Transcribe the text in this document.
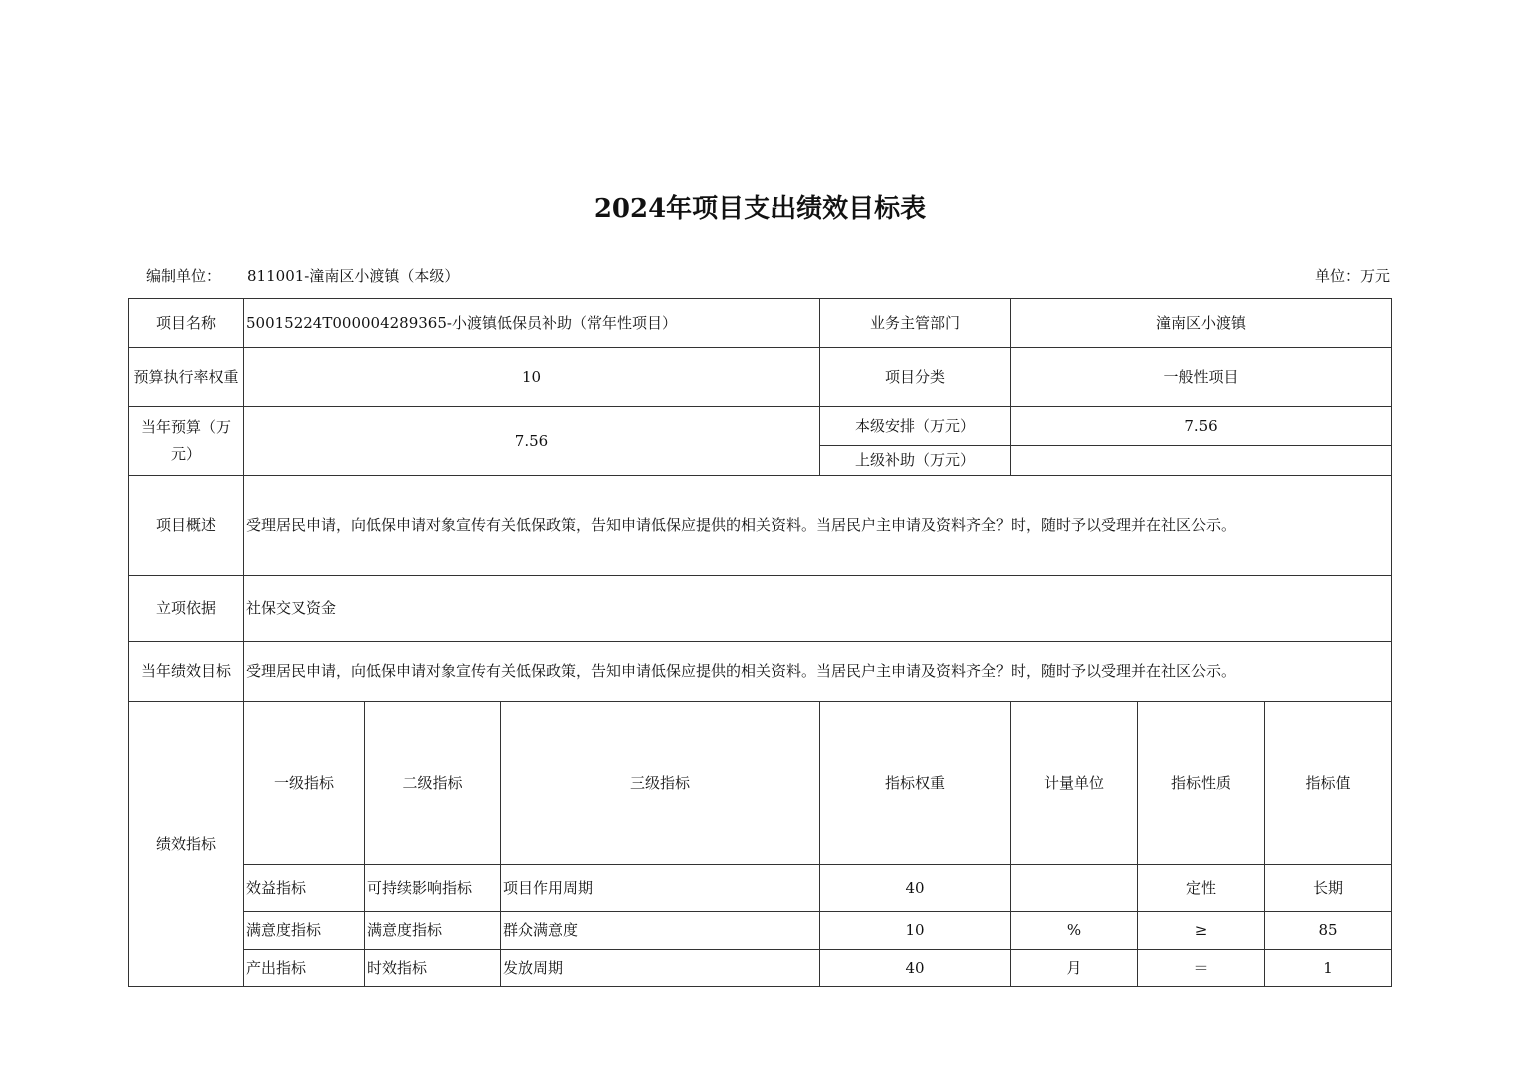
2024年项目支出绩效目标表
编制单位： 811001-潼南区小渡镇（本级）	单位：万元
项目名称	50015224T000004289365-小渡镇低保员补助（常年性项目）			业务主管部门	潼南区小渡镇			
预算执行率权重	10			项目分类	一般性项目			
当年预算（万元）	7.56			本级安排（万元）	7.56			
				上级补助（万元）				
项目概述	受理居民申请，向低保申请对象宣传有关低保政策，告知申请低保应提供的相关资料。当居民户主申请及资料齐全？时，随时予以受理并在社区公示。							
立项依据	社保交叉资金							
当年绩效目标	受理居民申请，向低保申请对象宣传有关低保政策，告知申请低保应提供的相关资料。当居民户主申请及资料齐全？时，随时予以受理并在社区公示。							
绩效指标	一级指标	二级指标	三级指标	指标权重	计量单位	指标性质	指标值	
	效益指标	可持续影响指标	项目作用周期	40		定性	长期	
	满意度指标	满意度指标	群众满意度	10	%	≥	85	
	产出指标	时效指标	发放周期	40	月	＝	1	
